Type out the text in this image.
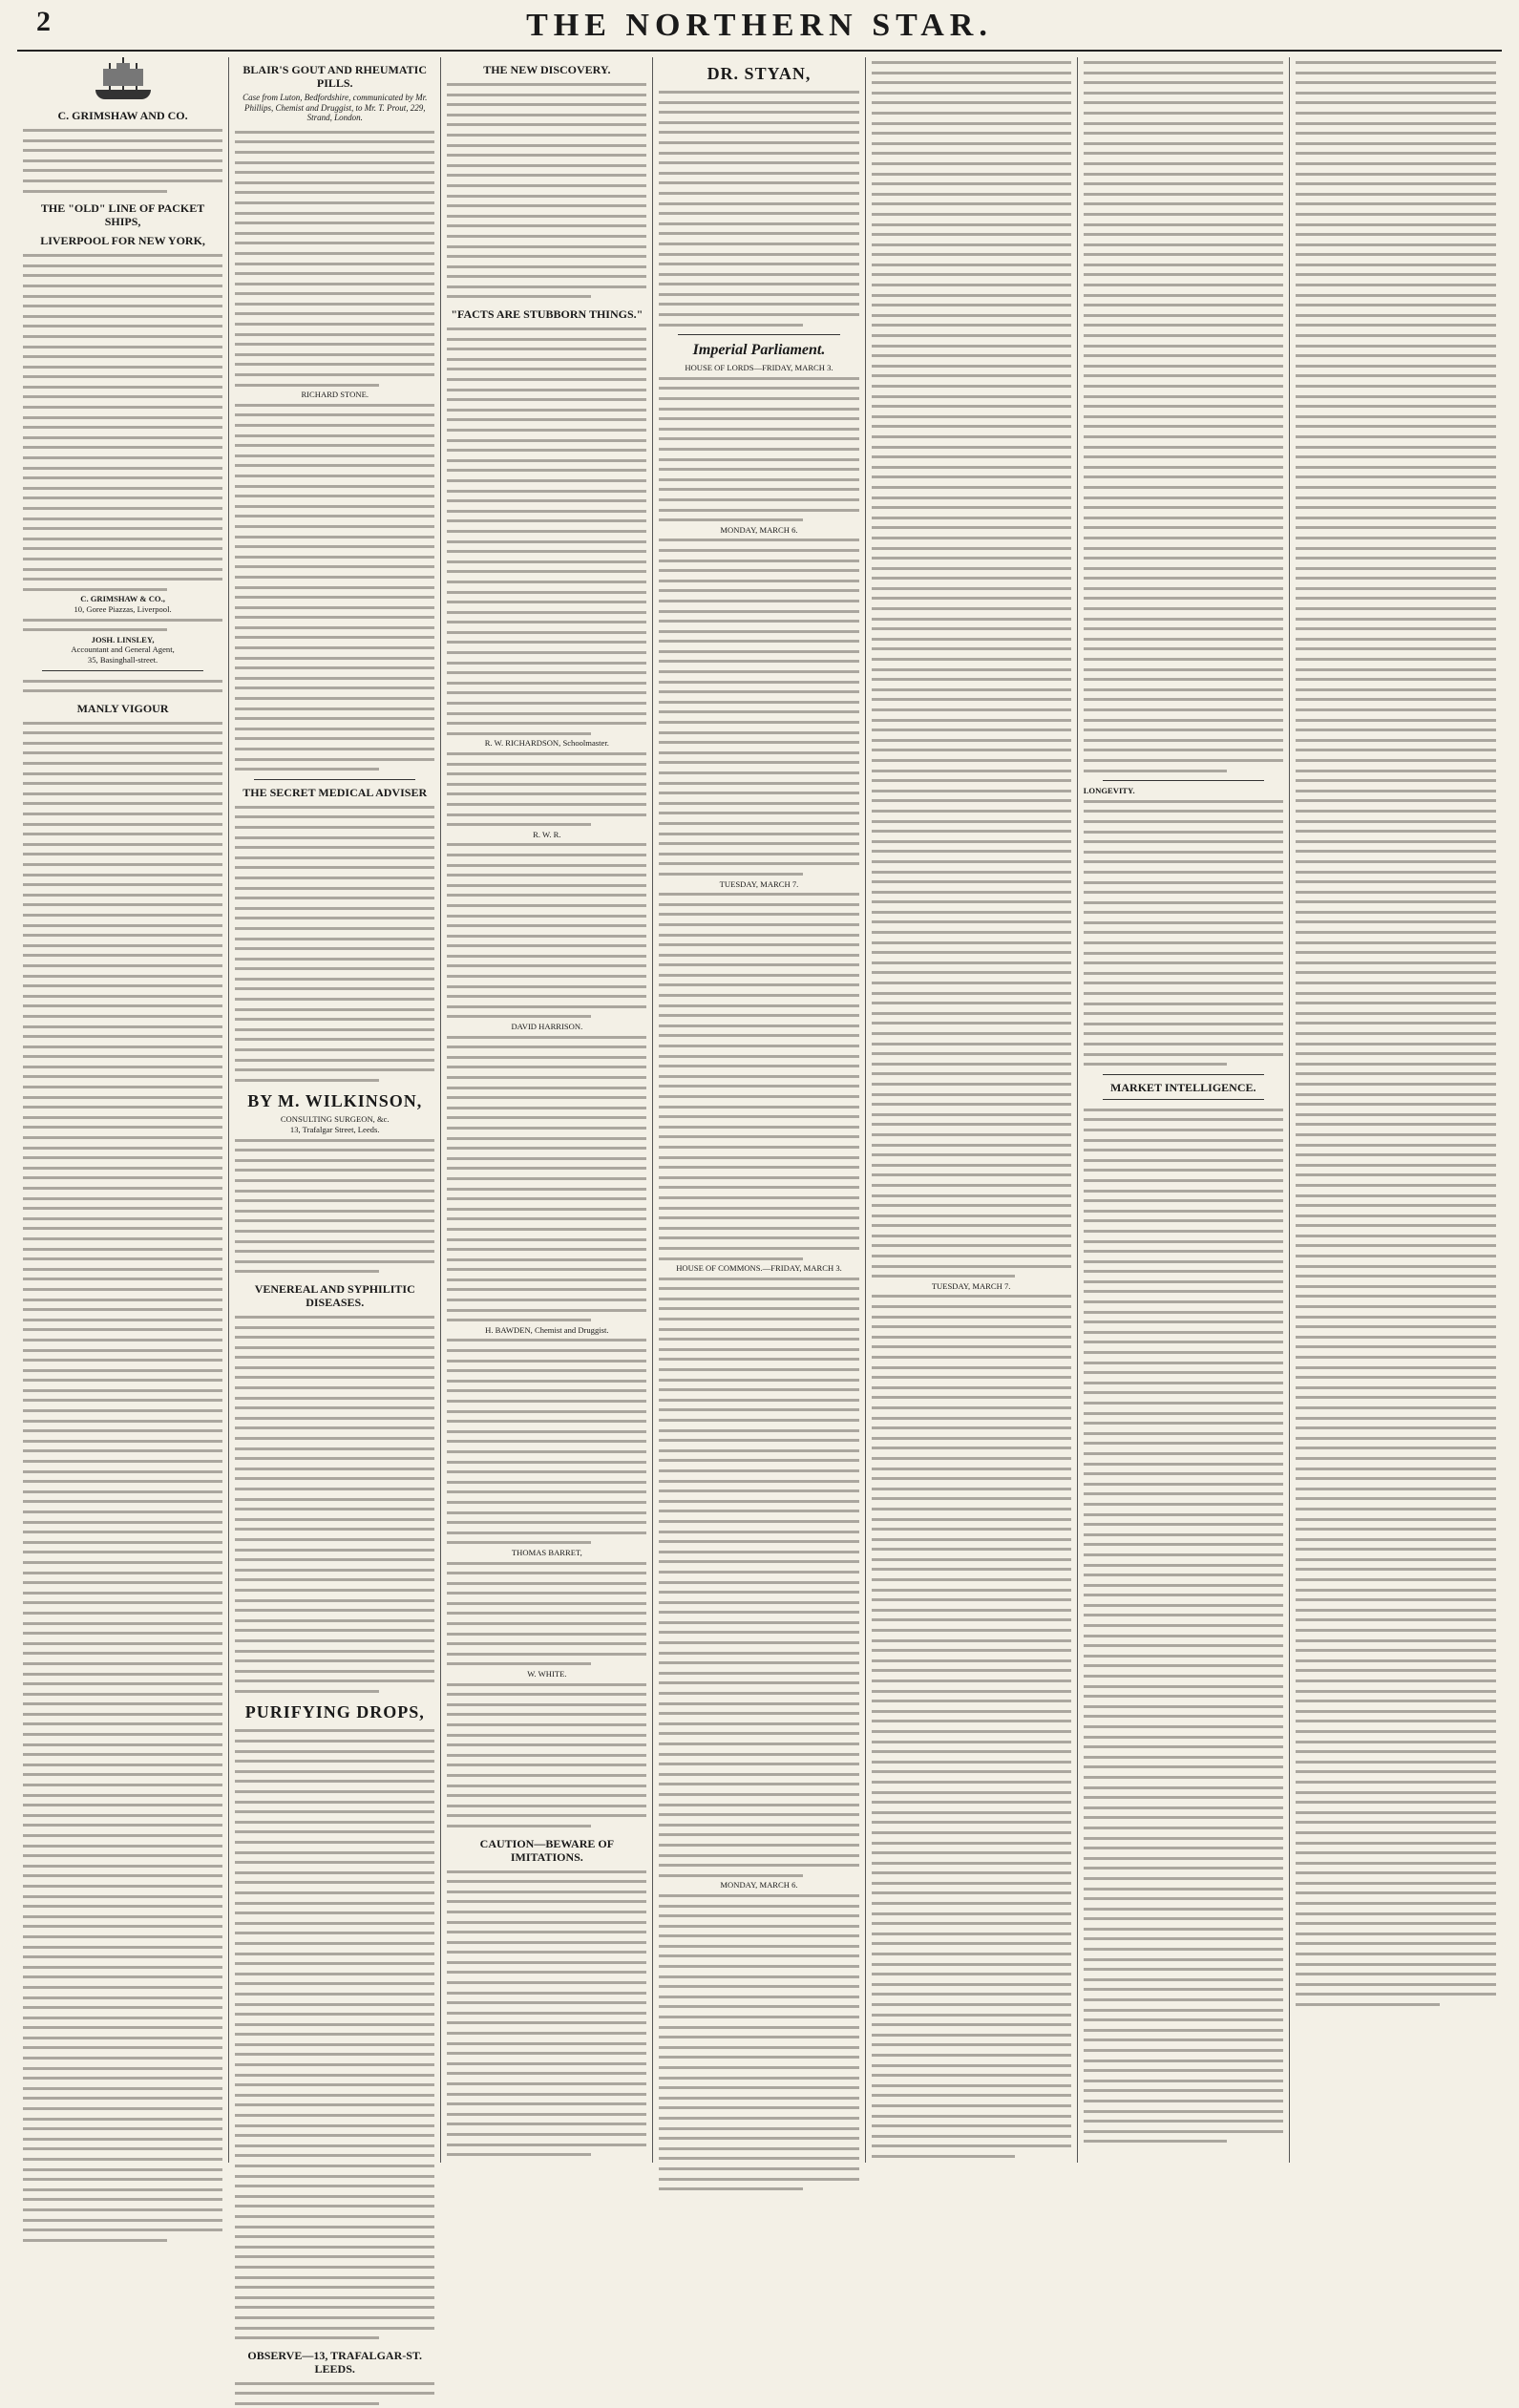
2	THE NORTHERN STAR.
C. GRIMSHAW AND CO.
THE "OLD" LINE OF PACKET SHIPS,
LIVERPOOL FOR NEW YORK,
C. GRIMSHAW & CO.,
10, Goree Piazzas, Liverpool.
JOSH. LINSLEY,
Accountant and General Agent,
35, Basinghall-street.
MANLY VIGOUR
BLAIR'S GOUT AND RHEUMATIC PILLS.
Case from Luton, Bedfordshire, communicated by Mr. Phillips, Chemist and Druggist, to Mr. T. Prout, 229, Strand, London.
RICHARD STONE.
THE SECRET MEDICAL ADVISER
BY M. WILKINSON,
CONSULTING SURGEON, &c.
13, Trafalgar Street, Leeds.
VENEREAL AND SYPHILITIC DISEASES.
PURIFYING DROPS,
OBSERVE—13, TRAFALGAR-ST. LEEDS.
THE NEW DISCOVERY.
"FACTS ARE STUBBORN THINGS."
R. W. RICHARDSON, Schoolmaster.
R. W. R.
DAVID HARRISON.
H. BAWDEN, Chemist and Druggist.
THOMAS BARRET,
W. WHITE.
CAUTION—BEWARE OF IMITATIONS.
DR. STYAN,
Imperial Parliament.
HOUSE OF LORDS—FRIDAY, MARCH 3.
MONDAY, MARCH 6.
TUESDAY, MARCH 7.
HOUSE OF COMMONS.—FRIDAY, MARCH 3.
MONDAY, MARCH 6.
TUESDAY, MARCH 7.
LONGEVITY.
MARKET INTELLIGENCE.
